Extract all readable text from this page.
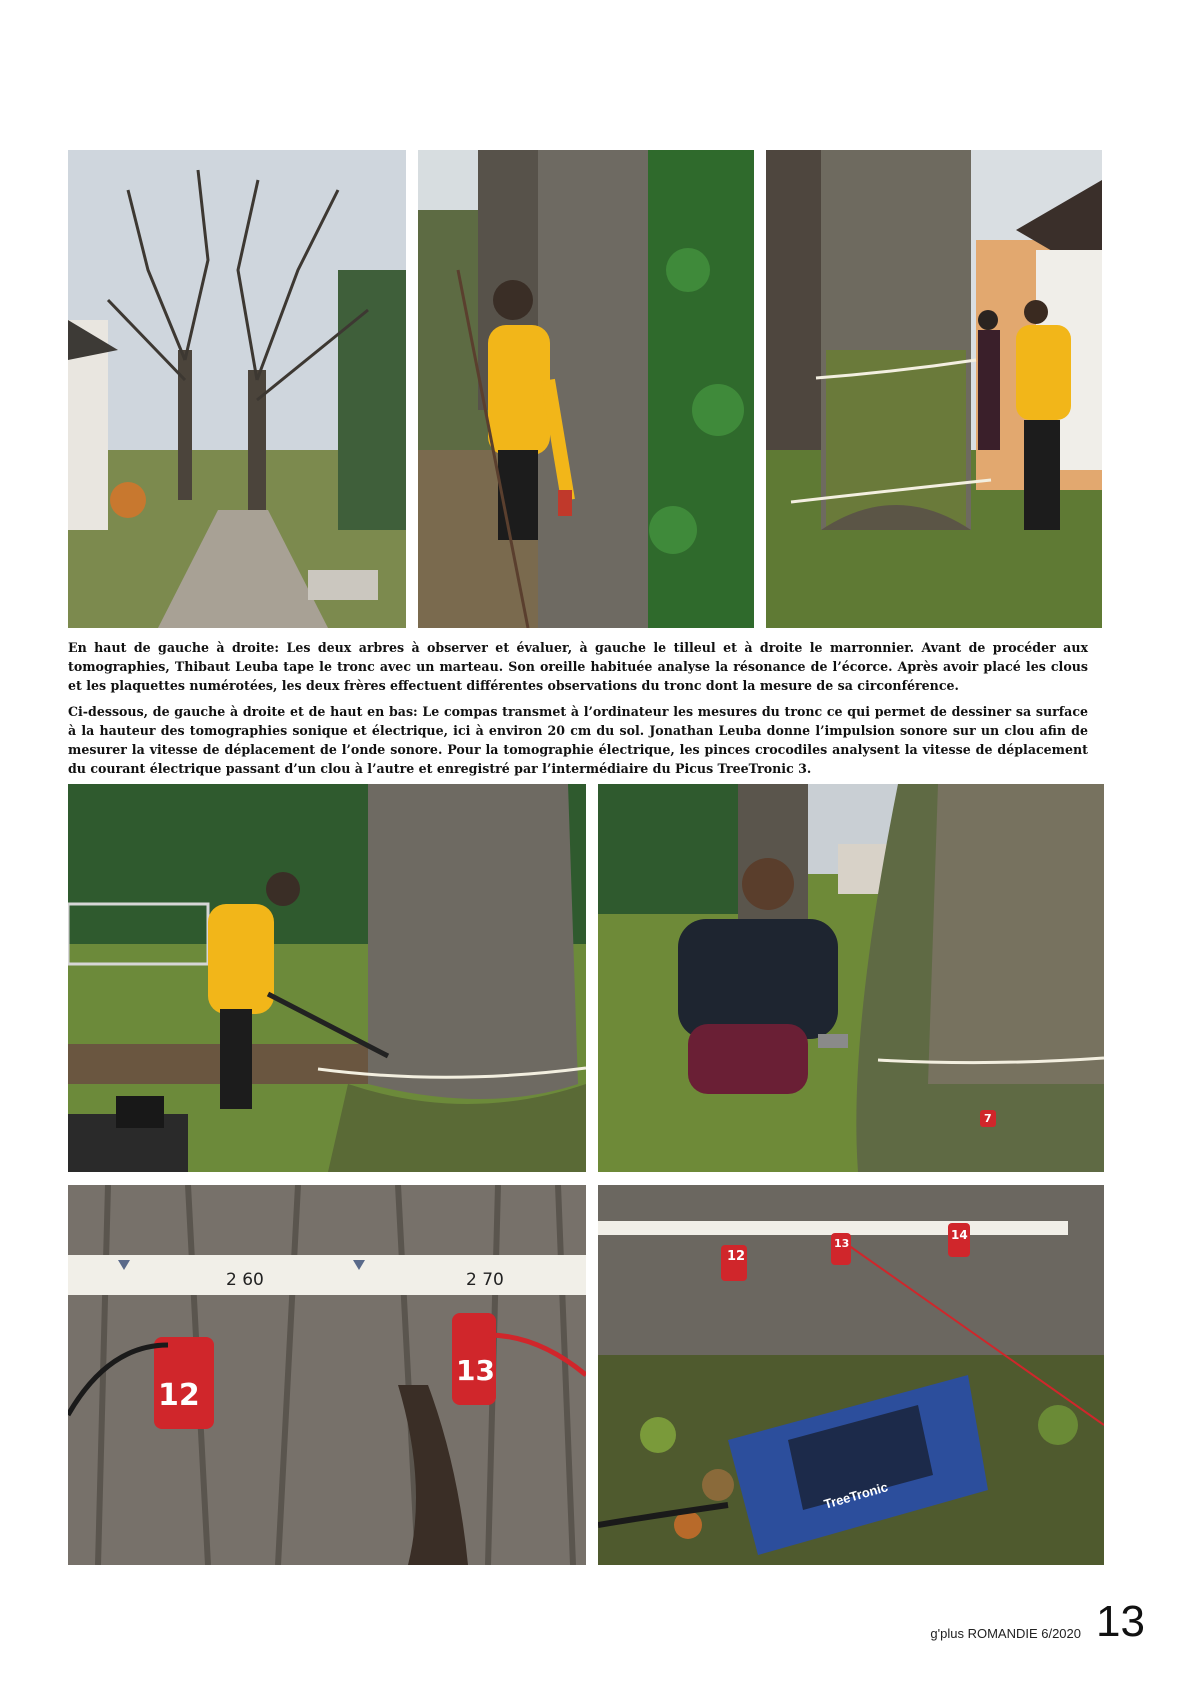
En haut de gauche à droite: Les deux arbres à observer et évaluer, à gauche le tilleul et à droite le marronnier. Avant de procéder aux tomographies, Thibaut Leuba tape le tronc avec un marteau. Son oreille habituée analyse la résonance de l’écorce. Après avoir placé les clous et les plaquettes numérotées, les deux frères effectuent différentes observations du tronc dont la mesure de sa circonférence.

Ci-dessous, de gauche à droite et de haut en bas: Le compas transmet à l’ordinateur les mesures du tronc ce qui permet de dessiner sa surface à la hauteur des tomographies sonique et électrique, ici à environ 20 cm du sol. Jonathan Leuba donne l’impulsion sonore sur un clou afin de mesurer la vitesse de déplacement de l’onde sonore. Pour la tomographie électrique, les pinces crocodiles analysent la vitesse de déplacement du courant électrique passant d’un clou à l’autre et enregistré par l’intermédiaire du Picus TreeTronic 3.

2 60	2 70
12
13
12
13
14
TreeTronic
7
g'plus ROMANDIE 6/2020 13
